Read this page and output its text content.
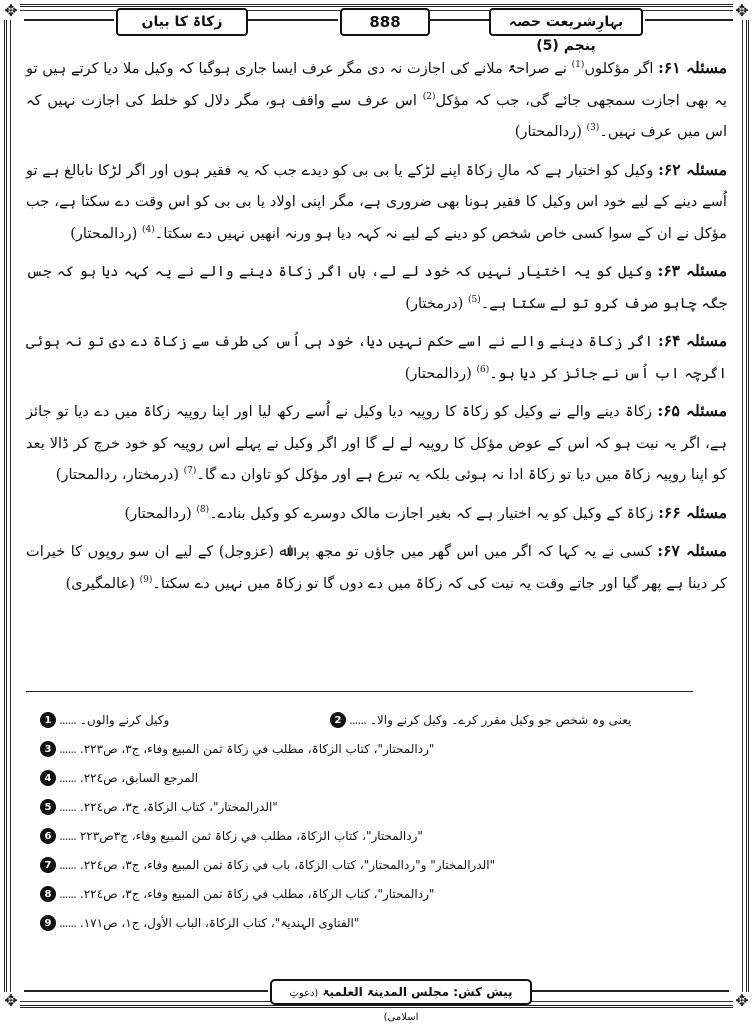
✥	✥
✥	✥
زکاۃ کا بیان	888	بہارِشریعت حصہ پنجم (5)

مسئلہ ۶۱: اگر مؤکلوں$^{(1)}$ نے صراحۃً ملانے کی اجازت نہ دی مگر عرف ایسا جاری ہوگیا کہ وکیل ملا دیا کرتے ہیں تو یہ بھی اجازت سمجھی جائے گی، جب کہ مؤکل$^{(2)}$ اس عرف سے واقف ہو، مگر دلال کو خلط کی اجازت نہیں کہ اس میں عرف نہیں۔$^{(3)}$ (ردالمحتار)

مسئلہ ۶۲: وکیل کو اختیار ہے کہ مالِ زکاۃ اپنے لڑکے یا بی بی کو دیدے جب کہ یہ فقیر ہوں اور اگر لڑکا نابالغ ہے تو اُسے دینے کے لیے خود اس وکیل کا فقیر ہونا بھی ضروری ہے، مگر اپنی اولاد یا بی بی کو اس وقت دے سکتا ہے، جب مؤکل نے ان کے سوا کسی خاص شخص کو دینے کے لیے نہ کہہ دیا ہو ورنہ انھیں نہیں دے سکتا۔$^{(4)}$ (ردالمحتار)

مسئلہ ۶۳: وکیل کو یہ اختیار نہیں کہ خود لے لے، ہاں اگر زکاۃ دینے والے نے یہ کہہ دیا ہو کہ جس جگہ چاہو صرف کرو تو لے سکتا ہے۔$^{(5)}$ (درمختار)

مسئلہ ۶۴: اگر زکاۃ دینے والے نے اسے حکم نہیں دیا، خود ہی اُس کی طرف سے زکاۃ دے دی تو نہ ہوئی اگرچہ اب اُس نے جائز کر دیا ہو۔$^{(6)}$ (ردالمحتار)

مسئلہ ۶۵: زکاۃ دینے والے نے وکیل کو زکاۃ کا روپیہ دیا وکیل نے اُسے رکھ لیا اور اپنا روپیہ زکاۃ میں دے دیا تو جائز ہے، اگر یہ نیت ہو کہ اس کے عوض مؤکل کا روپیہ لے لے گا اور اگر وکیل نے پہلے اس روپیہ کو خود خرچ کر ڈالا بعد کو اپنا روپیہ زکاۃ میں دیا تو زکاۃ ادا نہ ہوئی بلکہ یہ تبرع ہے اور مؤکل کو تاوان دے گا۔$^{(7)}$ (درمختار، ردالمحتار)

مسئلہ ۶۶: زکاۃ کے وکیل کو یہ اختیار ہے کہ بغیر اجازت مالک دوسرے کو وکیل بنادے۔$^{(8)}$ (ردالمحتار)

مسئلہ ۶۷: کسی نے یہ کہا کہ اگر میں اس گھر میں جاؤں تو مجھ پر اﷲ (عزوجل) کے لیے ان سو روپوں کا خیرات کر دینا ہے پھر گیا اور جاتے وقت یہ نیت کی کہ زکاۃ میں دے دوں گا تو زکاۃ میں نہیں دے سکتا۔$^{(9)}$ (عالمگیری)

1 ...... وکیل کرنے والوں۔	2 ...... یعنی وہ شخص جو وکیل مقرر کرے۔ وکیل کرنے والا۔
3 ...... "ردالمحتار"، کتاب الزکاۃ، مطلب في زکاۃ ثمن المبیع وفاء، ج۳، ص۲۲۳.
4 ...... المرجع السابق، ص۲۲٤.
5 ...... "الدرالمختار"، کتاب الزکاۃ، ج۳، ص۲۲٤.
6 ...... "ردالمحتار"، کتاب الزکاۃ، مطلب في زکاۃ ثمن المبیع وفاء، ج۳ص۲۲۳
7 ...... "الدرالمختار" و"ردالمحتار"، کتاب الزکاۃ، باب في زکاۃ ثمن المبیع وفاء، ج۳، ص۲۲٤.
8 ...... "ردالمحتار"، کتاب الزکاۃ، مطلب في زکاۃ ثمن المبیع وفاء، ج۳، ص۲۲٤.
9 ...... "الفتاوی الہندیۃ"، کتاب الزکاۃ، الباب الأول، ج۱، ص۱۷۱.
پیش کش: مجلس المدینۃ العلمیۃ (دعوتِ اسلامی)
